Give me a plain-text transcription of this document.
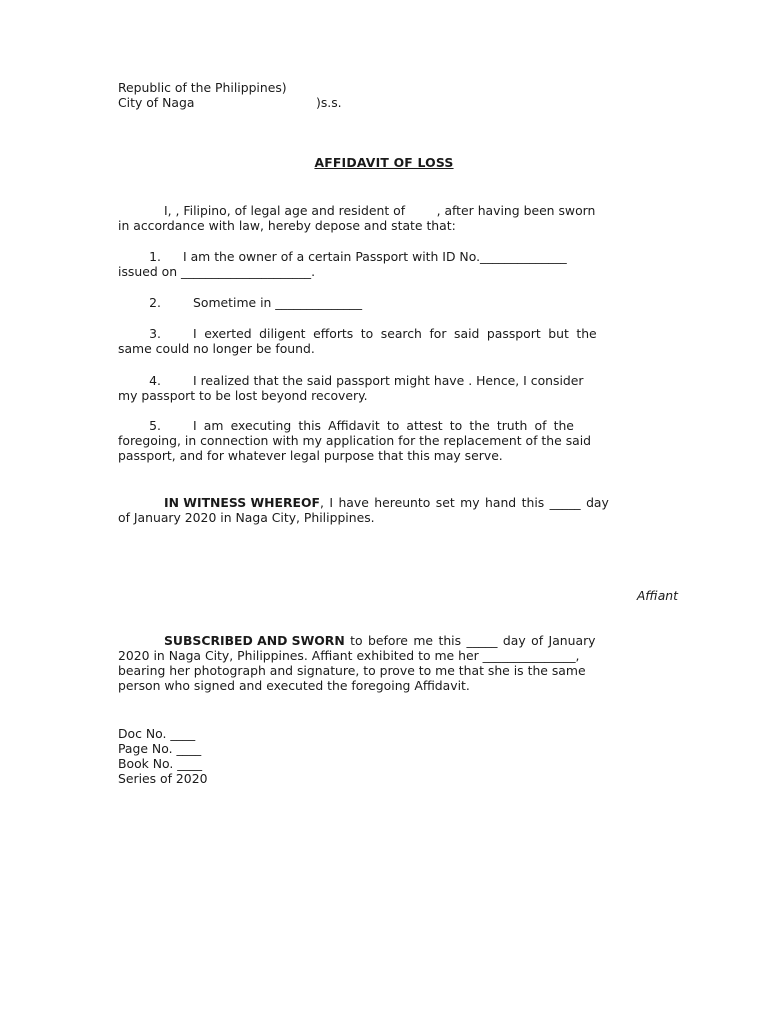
Republic of the Philippines)
City of Naga	)s.s.
AFFIDAVIT OF LOSS
I, , Filipino, of legal age and resident of        , after having been sworn
in accordance with law, hereby depose and state that:
1. I am the owner of a certain Passport with ID No.______________
issued on _____________________.
2.	Sometime in ______________
3.	I exerted diligent efforts to search for said passport but the
same could no longer be found.
4.	I realized that the said passport might have . Hence, I consider
my passport to be lost beyond recovery.
5.	I am executing this Affidavit to attest to the truth of the
foregoing, in connection with my application for the replacement of the said
passport, and for whatever legal purpose that this may serve.
IN WITNESS WHEREOF, I have hereunto set my hand this _____ day
of January 2020 in Naga City, Philippines.
Affiant
SUBSCRIBED AND SWORN to before me this _____ day of January
2020 in Naga City, Philippines. Affiant exhibited to me her _______________,
bearing her photograph and signature, to prove to me that she is the same
person who signed and executed the foregoing Affidavit.
Doc No. ____
Page No. ____
Book No. ____
Series of 2020
